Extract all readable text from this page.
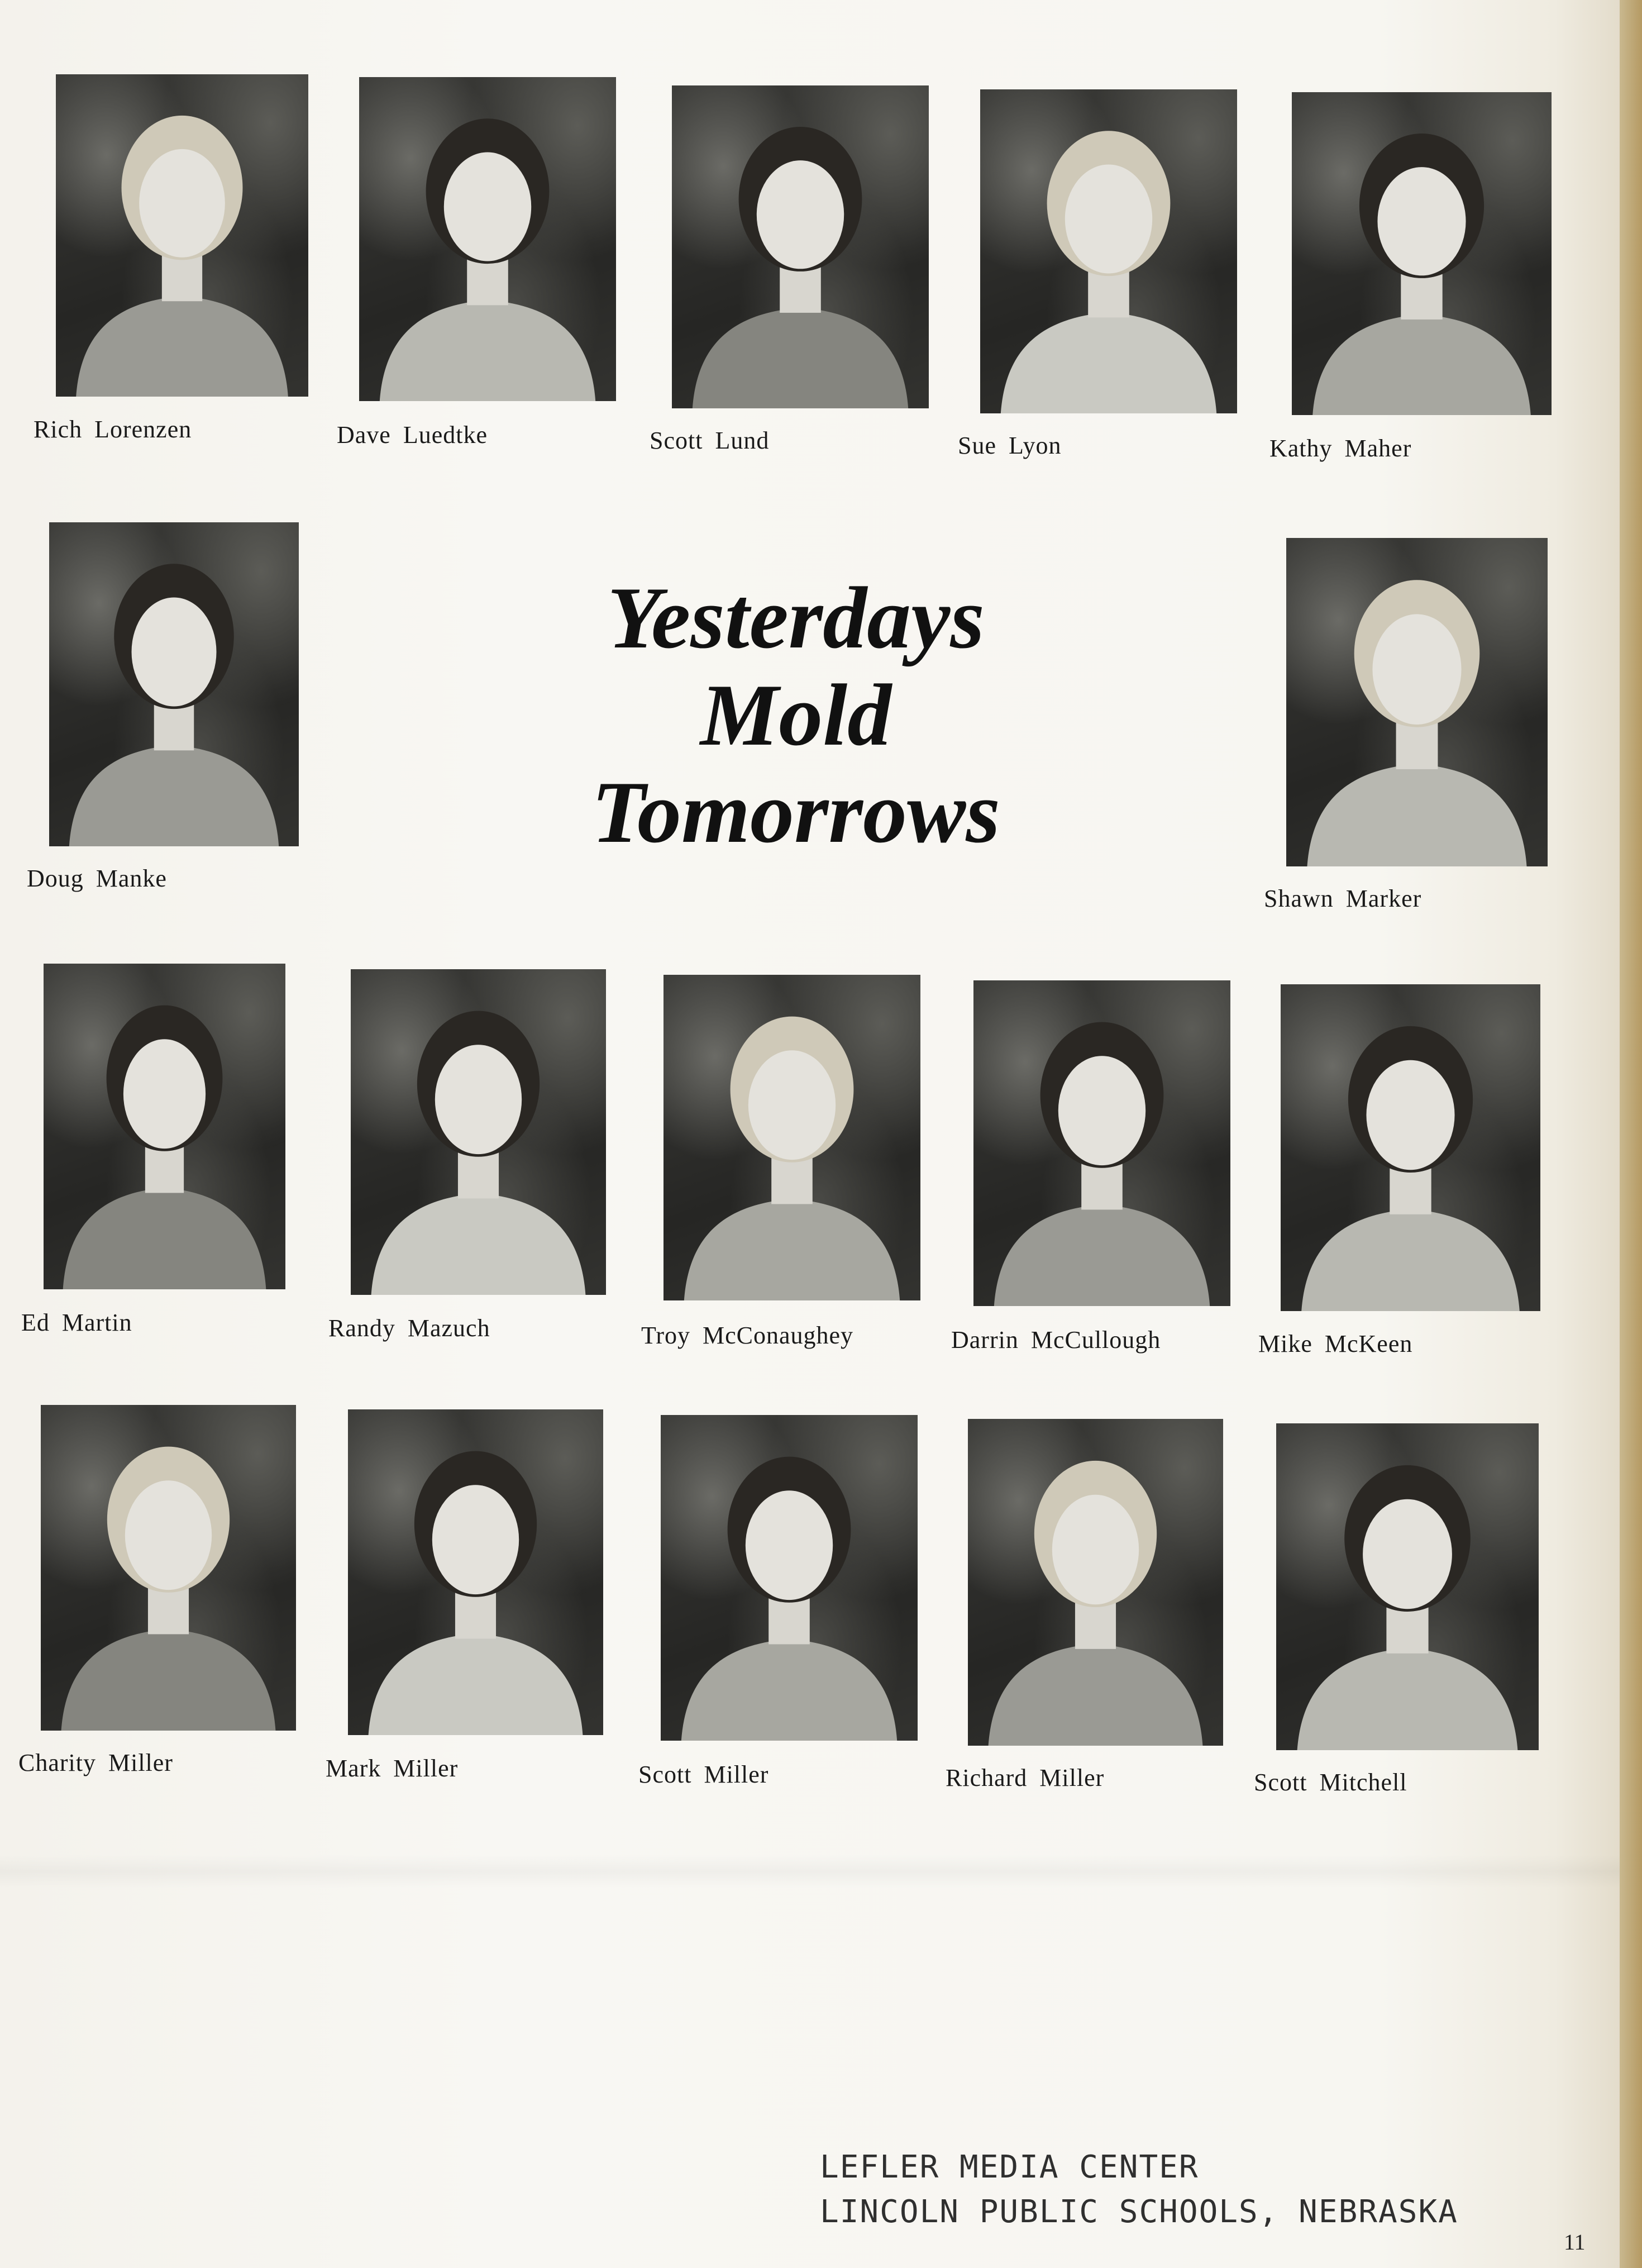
Rich Lorenzen	Dave Luedtke	Scott Lund	Sue Lyon	Kathy Maher
Doug Manke
Shawn Marker
Ed Martin	Randy Mazuch	Troy McConaughey	Darrin McCullough	Mike McKeen
Charity Miller	Mark Miller	Scott Miller	Richard Miller	Scott Mitchell
Yesterdays
Mold
Tomorrows
LEFLER MEDIA CENTER
LINCOLN PUBLIC SCHOOLS, NEBRASKA
11
